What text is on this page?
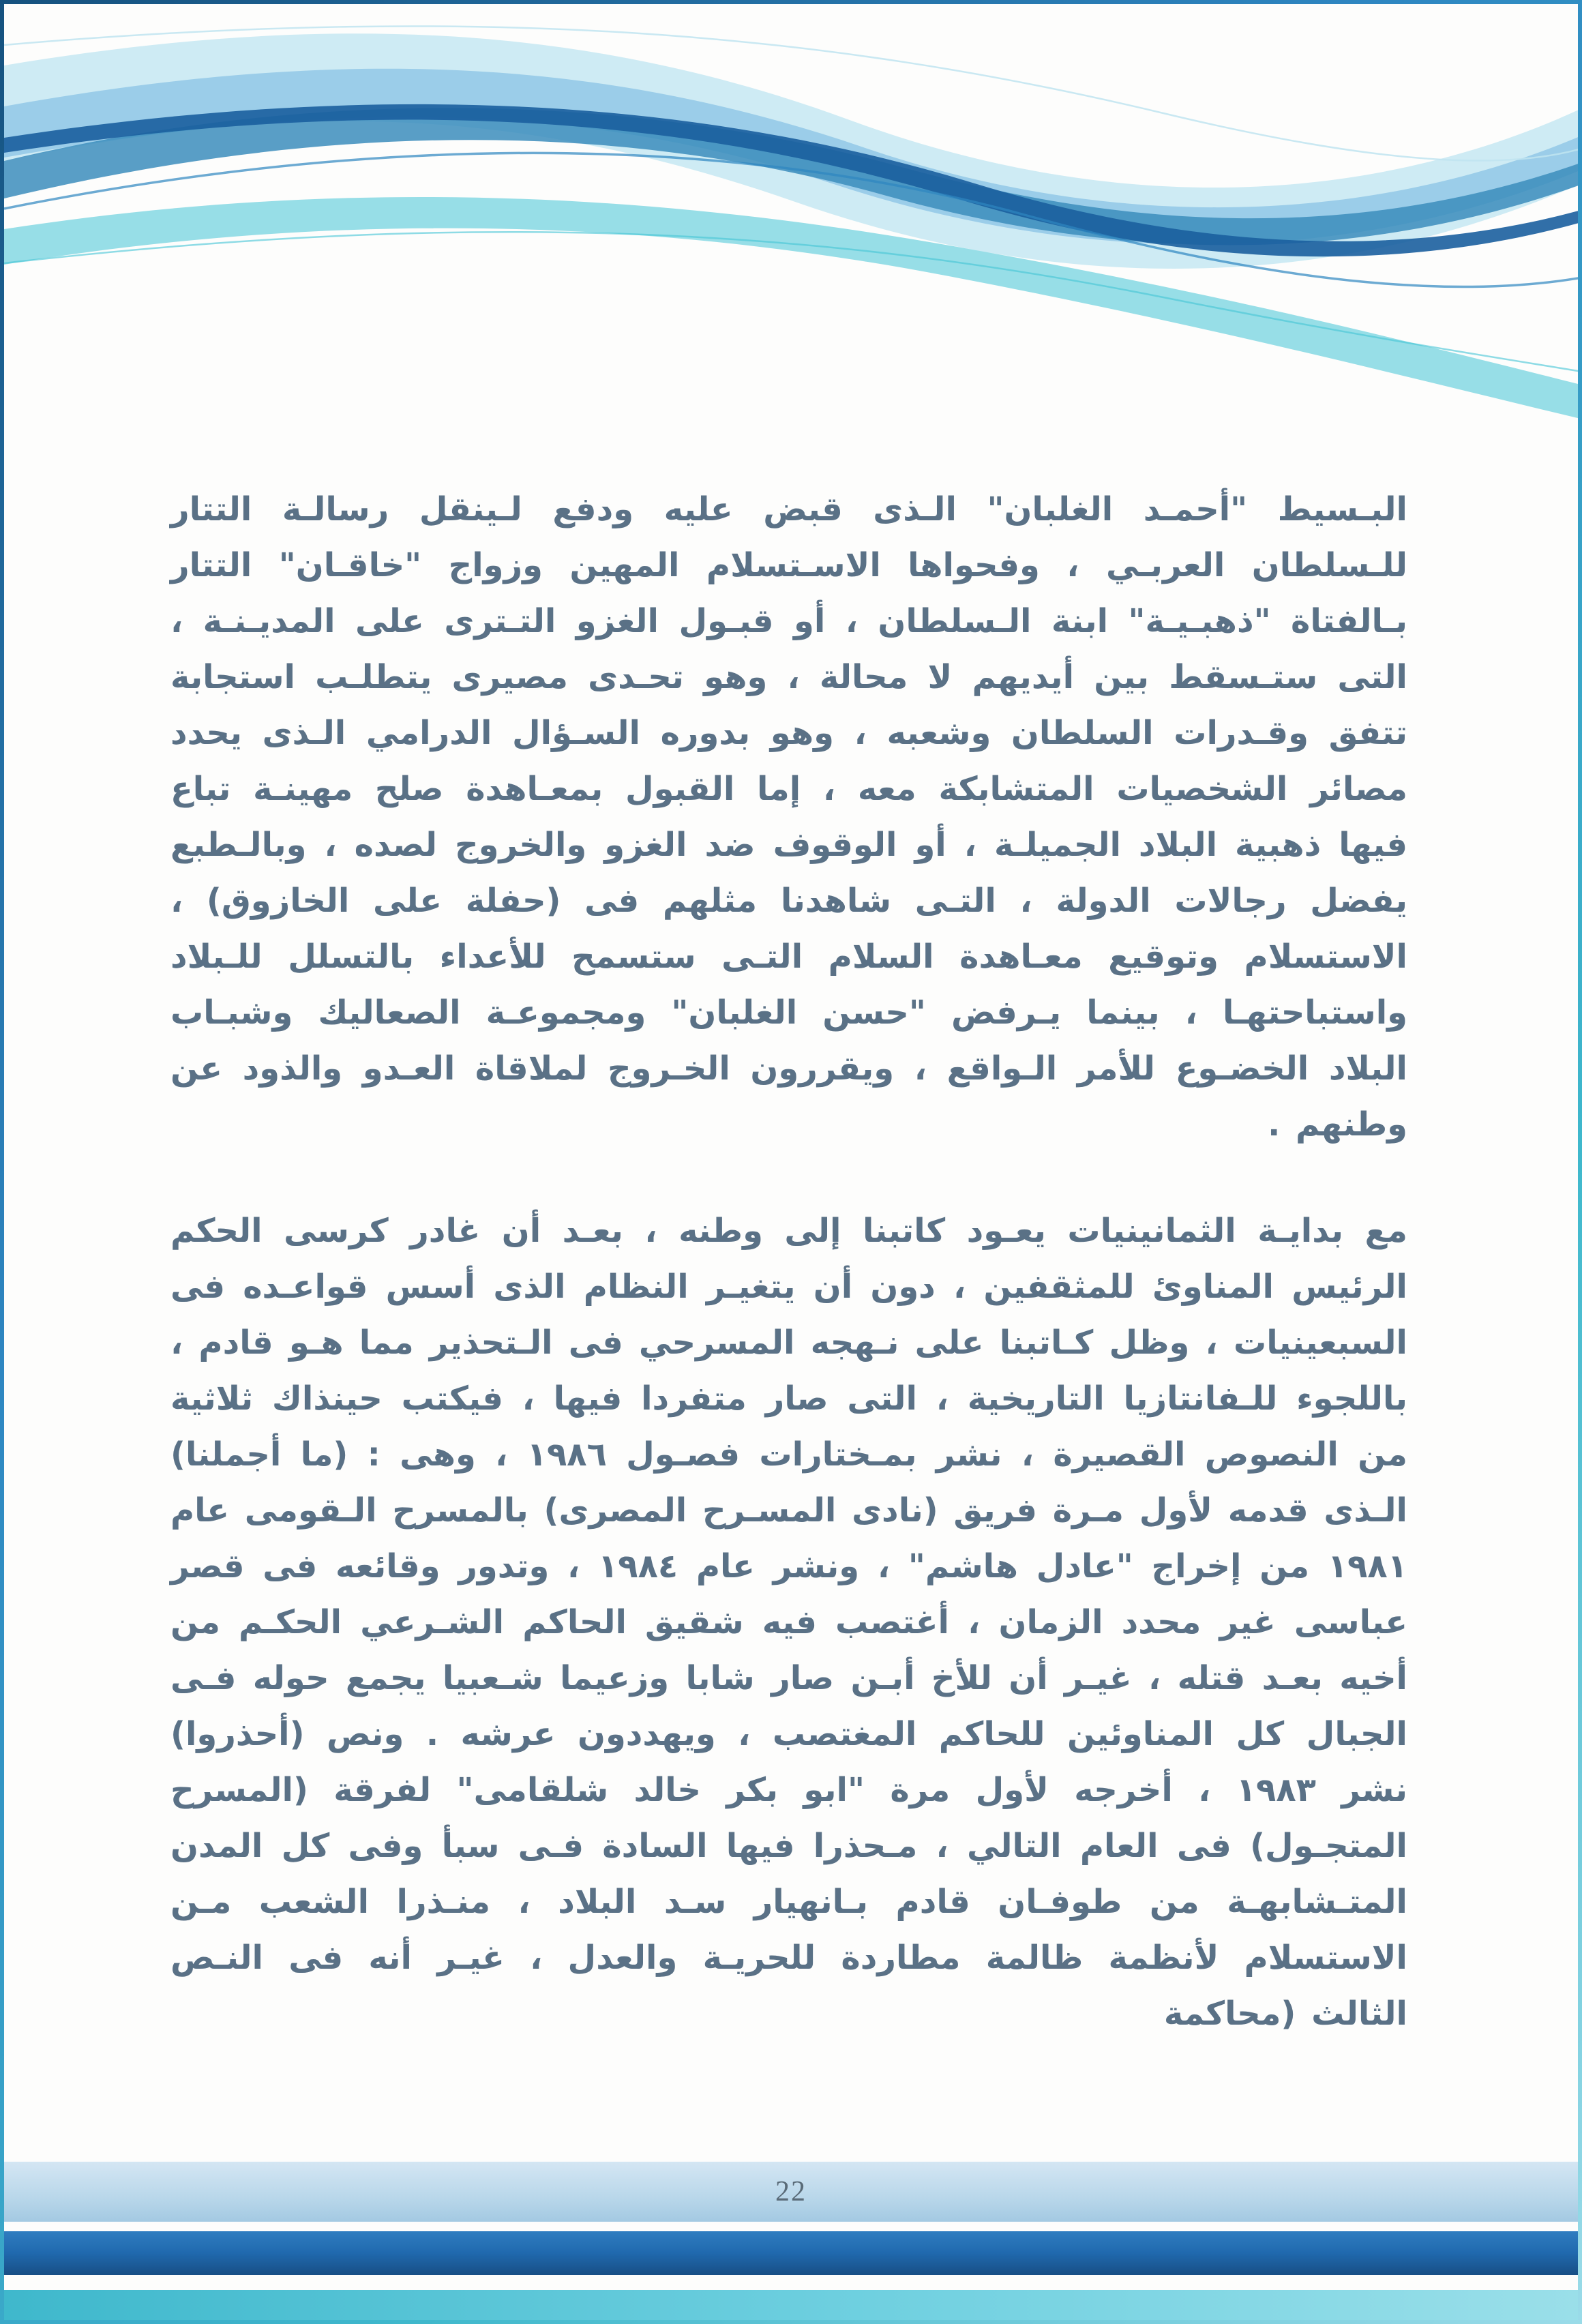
البـسيط "أحمـد الغلبان" الـذى قبض عليه ودفع لـينقل رسالـة التتار للـسلطان العربـي ، وفحواها الاسـتسلام المهين وزواج "خاقـان" التتار بـالفتاة "ذهبـيـة" ابنة الـسلطان ، أو قبـول الغزو التـترى على المديـنـة ، التى ستـسقط بين أيديهم لا محالة ، وهو تحـدى مصيرى يتطلـب استجابة تتفق وقـدرات السلطان وشعبه ، وهو بدوره السـؤال الدرامي الـذى يحدد مصائر الشخصيات المتشابكة معه ، إما القبول بمعـاهدة صلح مهينـة تباع فيها ذهبية البلاد الجميلـة ، أو الوقوف ضد الغزو والخروج لصده ، وبالـطبع يفضل رجالات الدولة ، التـى شاهدنا مثلهم فى (حفلة على الخازوق) ، الاستسلام وتوقيع معـاهدة السلام التـى ستسمح للأعداء بالتسلل للـبلاد واستباحتهـا ، بينما يـرفض "حسن الغلبان" ومجموعـة الصعاليك وشبـاب البلاد الخضـوع للأمر الـواقع ، ويقررون الخـروج لملاقاة العـدو والذود عن وطنهم .

مع بدايـة الثمانينيات يعـود كاتبنا إلى وطنه ، بعـد أن غادر كرسى الحكم الرئيس المناوئ للمثقفين ، دون أن يتغيـر النظام الذى أسس قواعـده فى السبعينيات ، وظل كـاتبنا على نـهجه المسرحي فى الـتحذير مما هـو قادم ، باللجوء للـفانتازيا التاريخية ، التى صار متفردا فيها ، فيكتب حينذاك ثلاثية من النصوص القصيرة ، نشر بمـختارات فصـول ١٩٨٦ ، وهى : (ما أجملنا) الـذى قدمه لأول مـرة فريق (نادى المسـرح المصرى) بالمسرح الـقومى عام ١٩٨١ من إخراج "عادل هاشم" ، ونشر عام ١٩٨٤ ، وتدور وقائعه فى قصر عباسى غير محدد الزمان ، أغتصب فيه شقيق الحاكم الشـرعي الحكـم من أخيه بعـد قتله ، غيـر أن للأخ أبـن صار شابا وزعيما شـعبيا يجمع حوله فـى الجبال كل المناوئين للحاكم المغتصب ، ويهددون عرشه . ونص (أحذروا) نشر ١٩٨٣ ، أخرجه لأول مرة "ابو بكر خالد شلقامى" لفرقة (المسرح المتجـول) فى العام التالي ، مـحذرا فيها السادة فـى سبأ وفى كل المدن المتـشابهـة من طوفـان قادم بـانهيار سـد البلاد ، منـذرا الشعب مـن الاستسلام لأنظمة ظالمة مطاردة للحريـة والعدل ، غيـر أنه فى النـص الثالث (محاكمة

22
